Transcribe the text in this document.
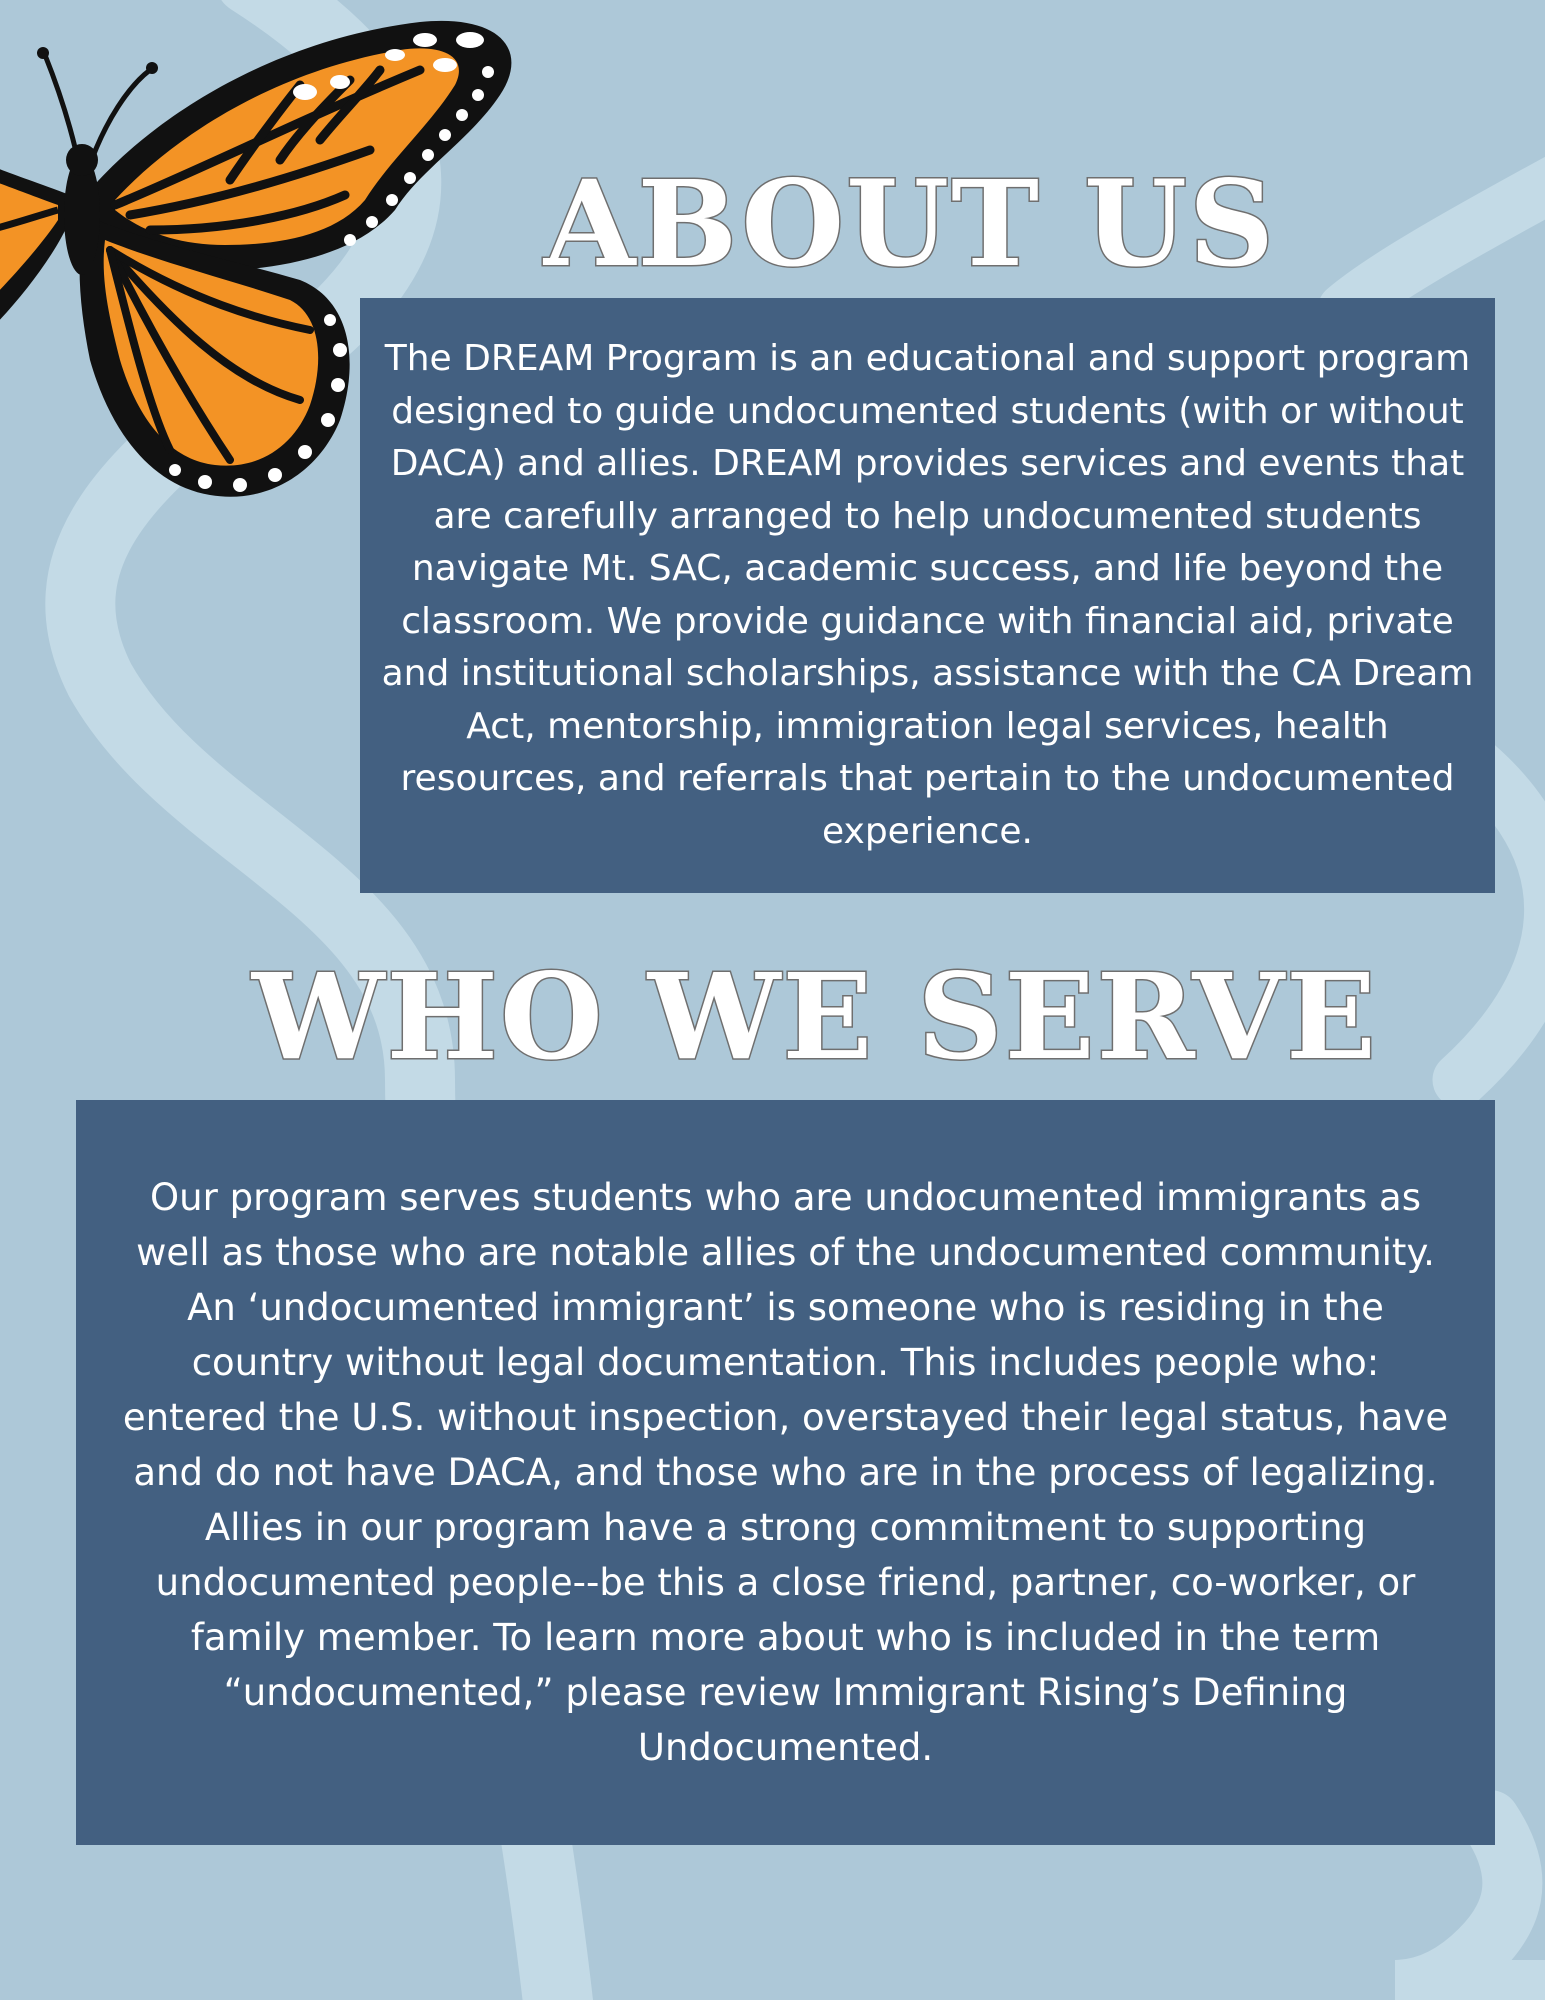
ABOUT US

The DREAM Program is an educational and support program designed to guide undocumented students (with or without DACA) and allies. DREAM provides services and events that are carefully arranged to help undocumented students navigate Mt. SAC, academic success, and life beyond the classroom. We provide guidance with financial aid, private and institutional scholarships, assistance with the CA Dream Act, mentorship, immigration legal services, health resources, and referrals that pertain to the undocumented experience.

WHO WE SERVE

Our program serves students who are undocumented immigrants as well as those who are notable allies of the undocumented community. An ‘undocumented immigrant’ is someone who is residing in the country without legal documentation. This includes people who: entered the U.S. without inspection, overstayed their legal status, have and do not have DACA, and those who are in the process of legalizing. Allies in our program have a strong commitment to supporting undocumented people--be this a close friend, partner, co-worker, or family member. To learn more about who is included in the term “undocumented,” please review Immigrant Rising’s Defining Undocumented.
